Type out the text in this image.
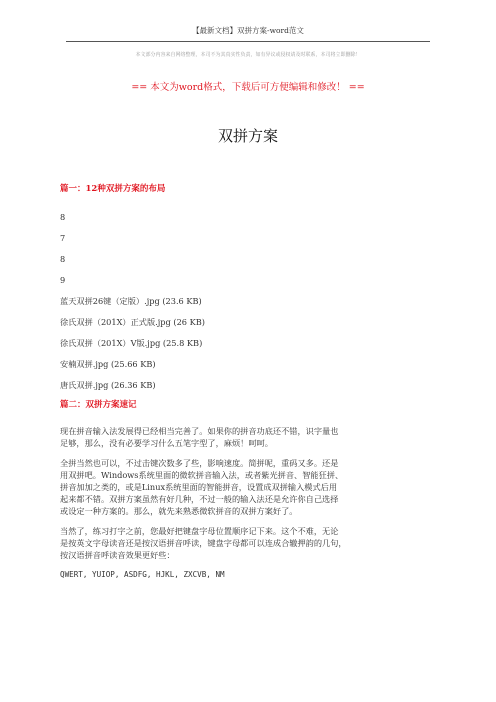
【最新文档】双拼方案-word范文
本文部分内容来自网络整理，本司不为其真实性负责，如有异议或侵权请及时联系，本司将立即删除！
== 本文为word格式，下载后可方便编辑和修改！ ==
双拼方案
篇一：12种双拼方案的布局
8
7
8
9
蓝天双拼26键（定版）.jpg (23.6 KB)
徐氏双拼（201X）正式版.jpg (26 KB)
徐氏双拼（201X）V版.jpg (25.8 KB)
安楠双拼.jpg (25.66 KB)
唐氏双拼.jpg (26.36 KB)
篇二：双拼方案速记
现在拼音输入法发展得已经相当完善了。如果你的拼音功底还不错，识字量也
足够，那么，没有必要学习什么五笔字型了，麻烦！呵呵。
全拼当然也可以，不过击键次数多了些，影响速度。简拼呢，重码又多。还是
用双拼吧。Windows系统里面的微软拼音输入法，或者紫光拼音、智能狂拼、
拼音加加之类的，或是Linux系统里面的智能拼音，设置成双拼输入模式后用
起来都不错。双拼方案虽然有好几种，不过一般的输入法还是允许你自己选择
或设定一种方案的。那么，就先来熟悉微软拼音的双拼方案好了。
当然了，练习打字之前，您最好把键盘字母位置顺序记下来。这个不难，无论
是按英文字母读音还是按汉语拼音呼读，键盘字母都可以连成合辙押韵的几句，
按汉语拼音呼读音效果更好些：
QWERT, YUIOP, ASDFG, HJKL, ZXCVB, NM
